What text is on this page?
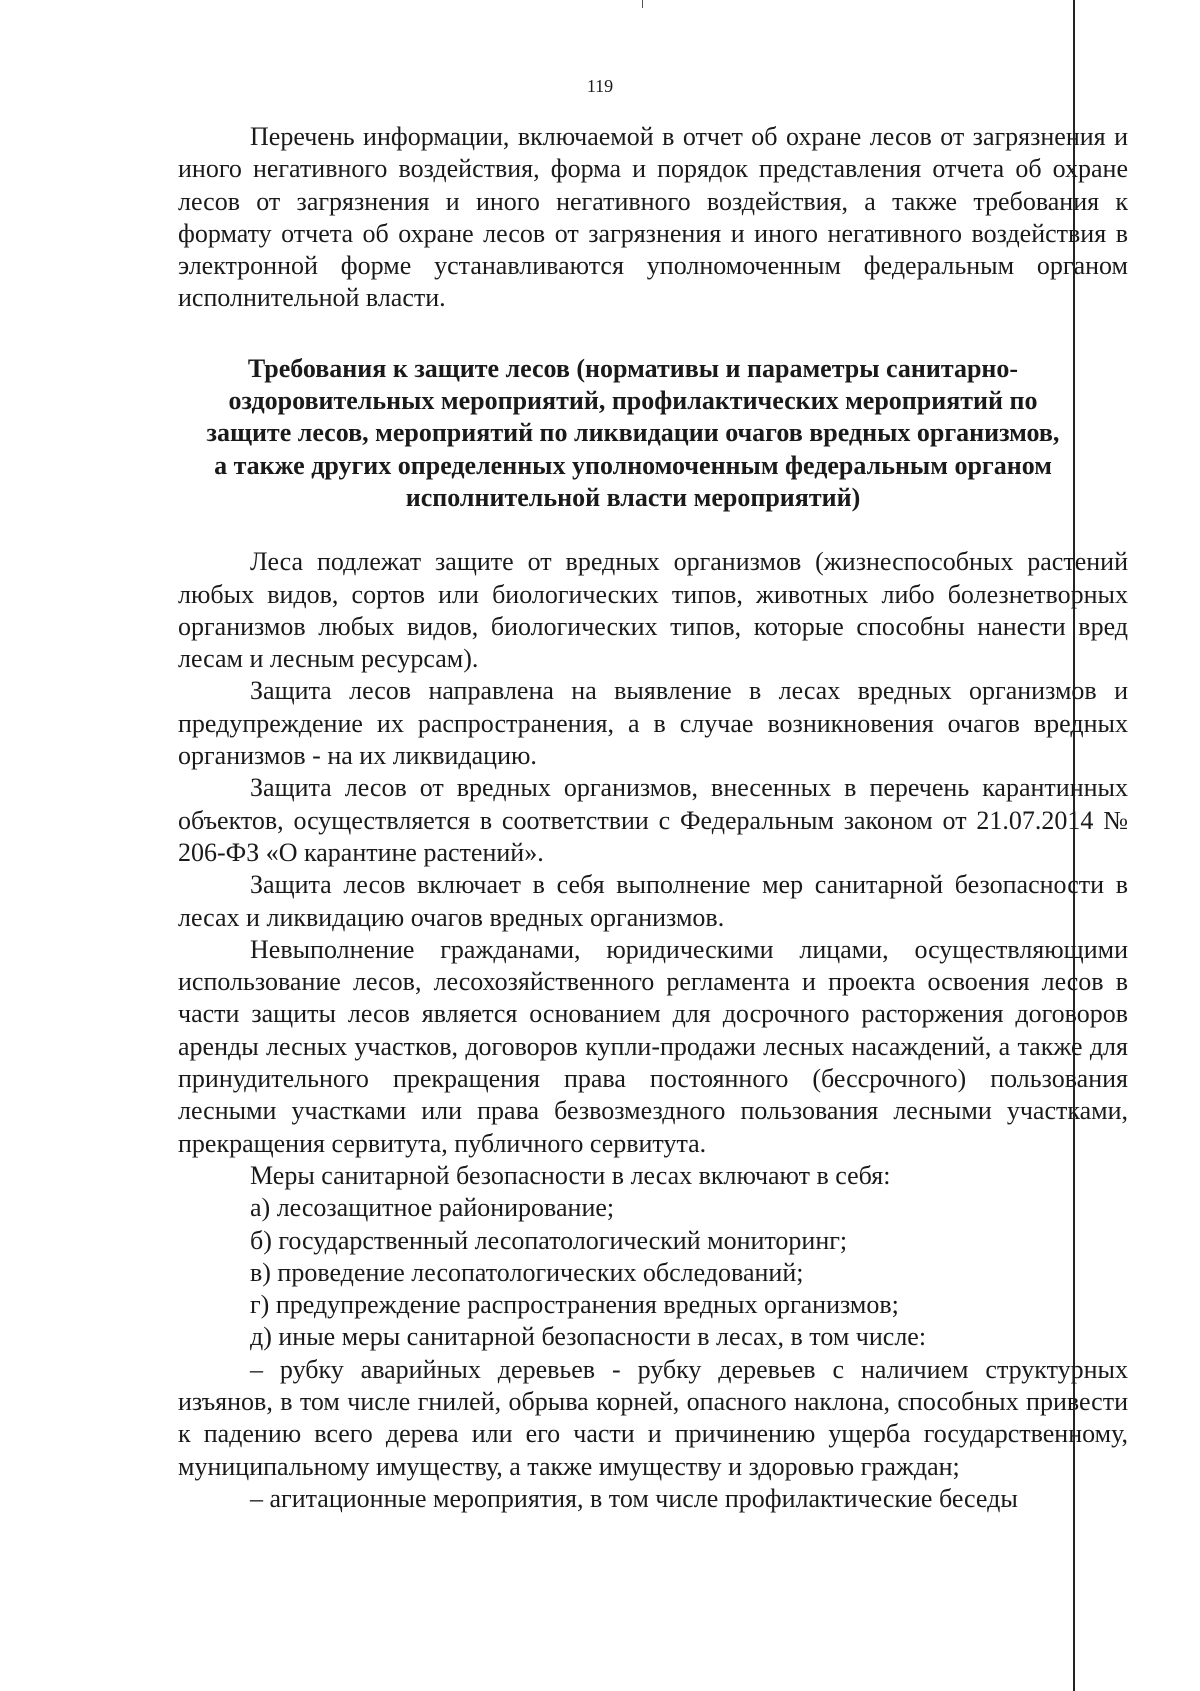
119

Перечень информации, включаемой в отчет об охране лесов от загрязнения и иного негативного воздействия, форма и порядок представления отчета об охране лесов от загрязнения и иного негативного воздействия, а также требования к формату отчета об охране лесов от загрязнения и иного негативного воздействия в электронной форме устанавливаются уполномоченным федеральным органом исполнительной власти.

Требования к защите лесов (нормативы и параметры санитарно-
оздоровительных мероприятий, профилактических мероприятий по
защите лесов, мероприятий по ликвидации очагов вредных организмов,
а также других определенных уполномоченным федеральным органом
исполнительной власти мероприятий)

Леса подлежат защите от вредных организмов (жизнеспособных растений любых видов, сортов или биологических типов, животных либо болезнетворных организмов любых видов, биологических типов, которые способны нанести вред лесам и лесным ресурсам).

Защита лесов направлена на выявление в лесах вредных организмов и предупреждение их распространения, а в случае возникновения очагов вредных организмов - на их ликвидацию.

Защита лесов от вредных организмов, внесенных в перечень карантинных объектов, осуществляется в соответствии с Федеральным законом от 21.07.2014 № 206-ФЗ «О карантине растений».

Защита лесов включает в себя выполнение мер санитарной безопасности в лесах и ликвидацию очагов вредных организмов.

Невыполнение гражданами, юридическими лицами, осуществляющими использование лесов, лесохозяйственного регламента и проекта освоения лесов в части защиты лесов является основанием для досрочного расторжения договоров аренды лесных участков, договоров купли-продажи лесных насаждений, а также для принудительного прекращения права постоянного (бессрочного) пользования лесными участками или права безвозмездного пользования лесными участками, прекращения сервитута, публичного сервитута.

Меры санитарной безопасности в лесах включают в себя:

а) лесозащитное районирование;

б) государственный лесопатологический мониторинг;

в) проведение лесопатологических обследований;

г) предупреждение распространения вредных организмов;

д) иные меры санитарной безопасности в лесах, в том числе:

– рубку аварийных деревьев - рубку деревьев с наличием структурных изъянов, в том числе гнилей, обрыва корней, опасного наклона, способных привести к падению всего дерева или его части и причинению ущерба государственному, муниципальному имуществу, а также имуществу и здоровью граждан;

– агитационные мероприятия, в том числе профилактические беседы
